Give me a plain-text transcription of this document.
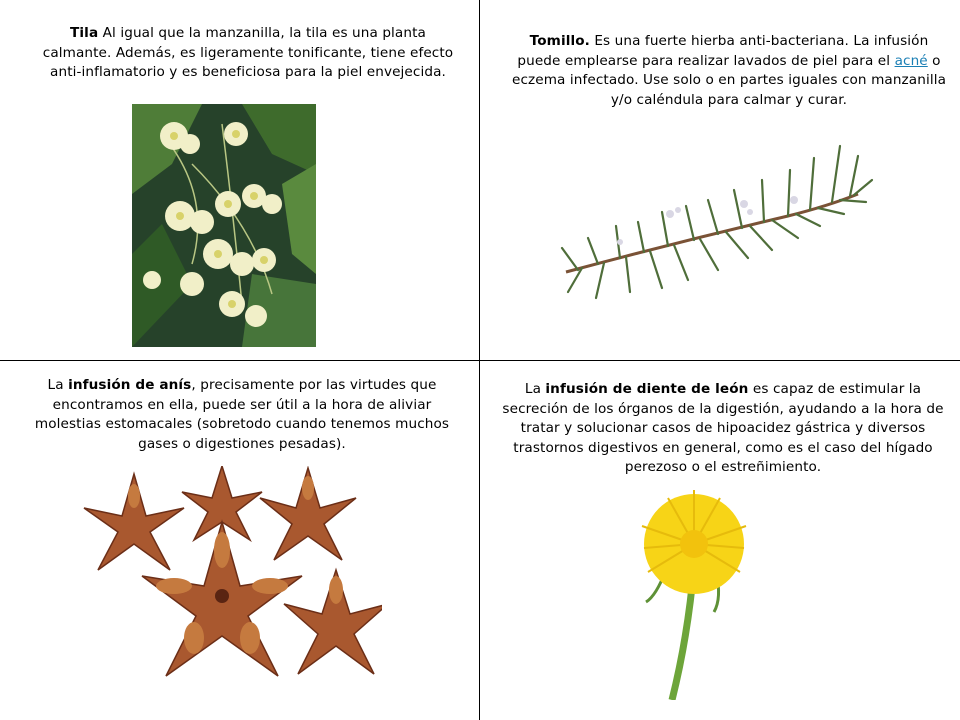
Tila Al igual que la manzanilla, la tila es una planta calmante. Además, es ligeramente tonificante, tiene efecto anti-inflamatorio y es beneficiosa para la piel envejecida.
Tomillo. Es una fuerte hierba anti-bacteriana. La infusión puede emplearse para realizar lavados de piel para el acné o eczema infectado. Use solo o en partes iguales con manzanilla y/o caléndula para calmar y curar.
La infusión de anís, precisamente por las virtudes que encontramos en ella, puede ser útil a la hora de aliviar molestias estomacales (sobretodo cuando tenemos muchos gases o digestiones pesadas).
La infusión de diente de león es capaz de estimular la secreción de los órganos de la digestión, ayudando a la hora de tratar y solucionar casos de hipoacidez gástrica y diversos trastornos digestivos en general, como es el caso del hígado perezoso o el estreñimiento.
